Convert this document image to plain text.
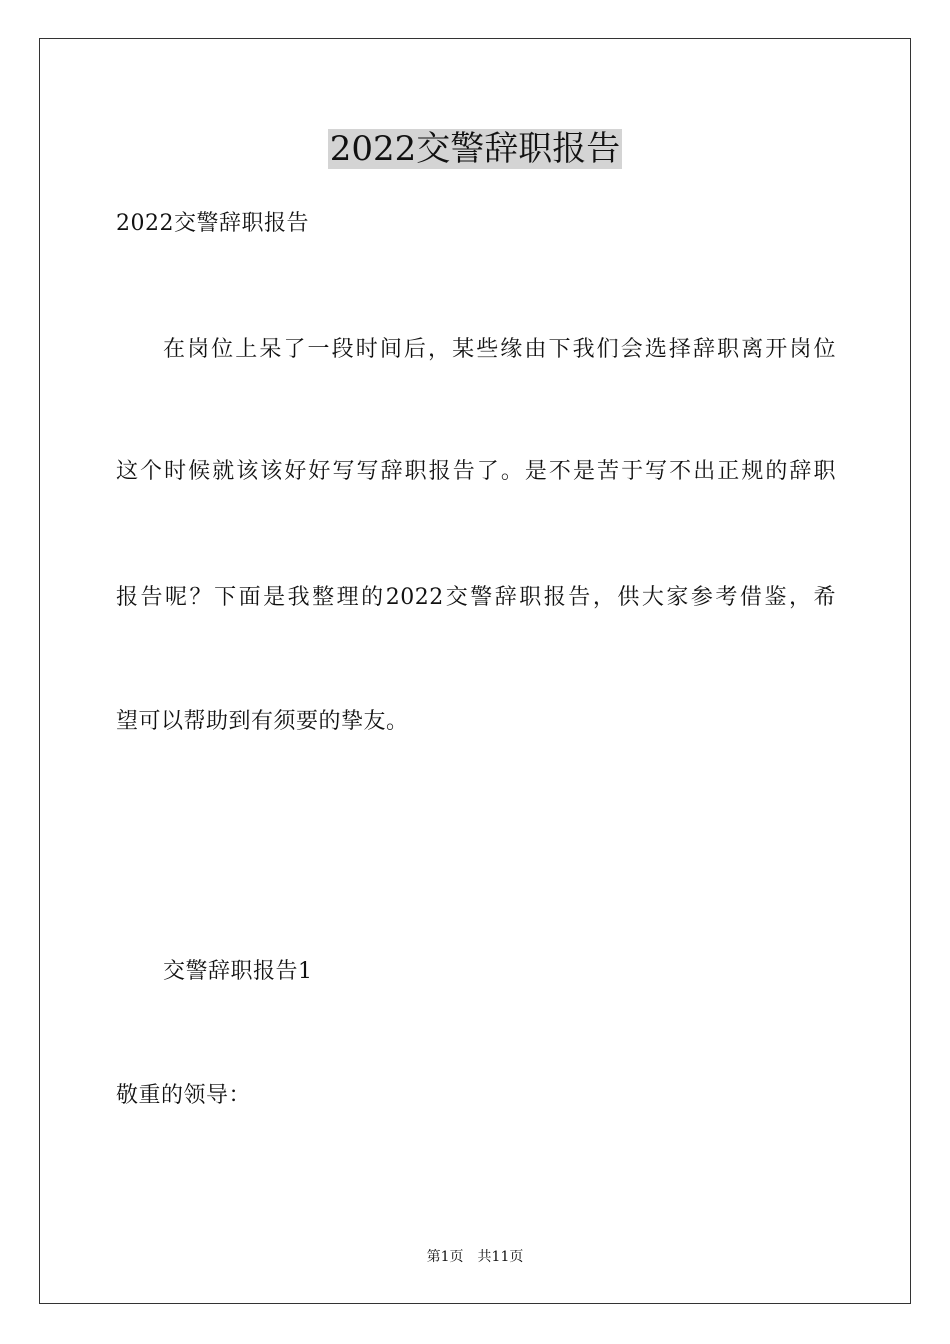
2022交警辞职报告

2022交警辞职报告

在岗位上呆了一段时间后，某些缘由下我们会选择辞职离开岗位

这个时候就该该好好写写辞职报告了。是不是苦于写不出正规的辞职

报告呢？下面是我整理的2022交警辞职报告，供大家参考借鉴，希

望可以帮助到有须要的挚友。

交警辞职报告1

敬重的领导：

第1页　共11页
